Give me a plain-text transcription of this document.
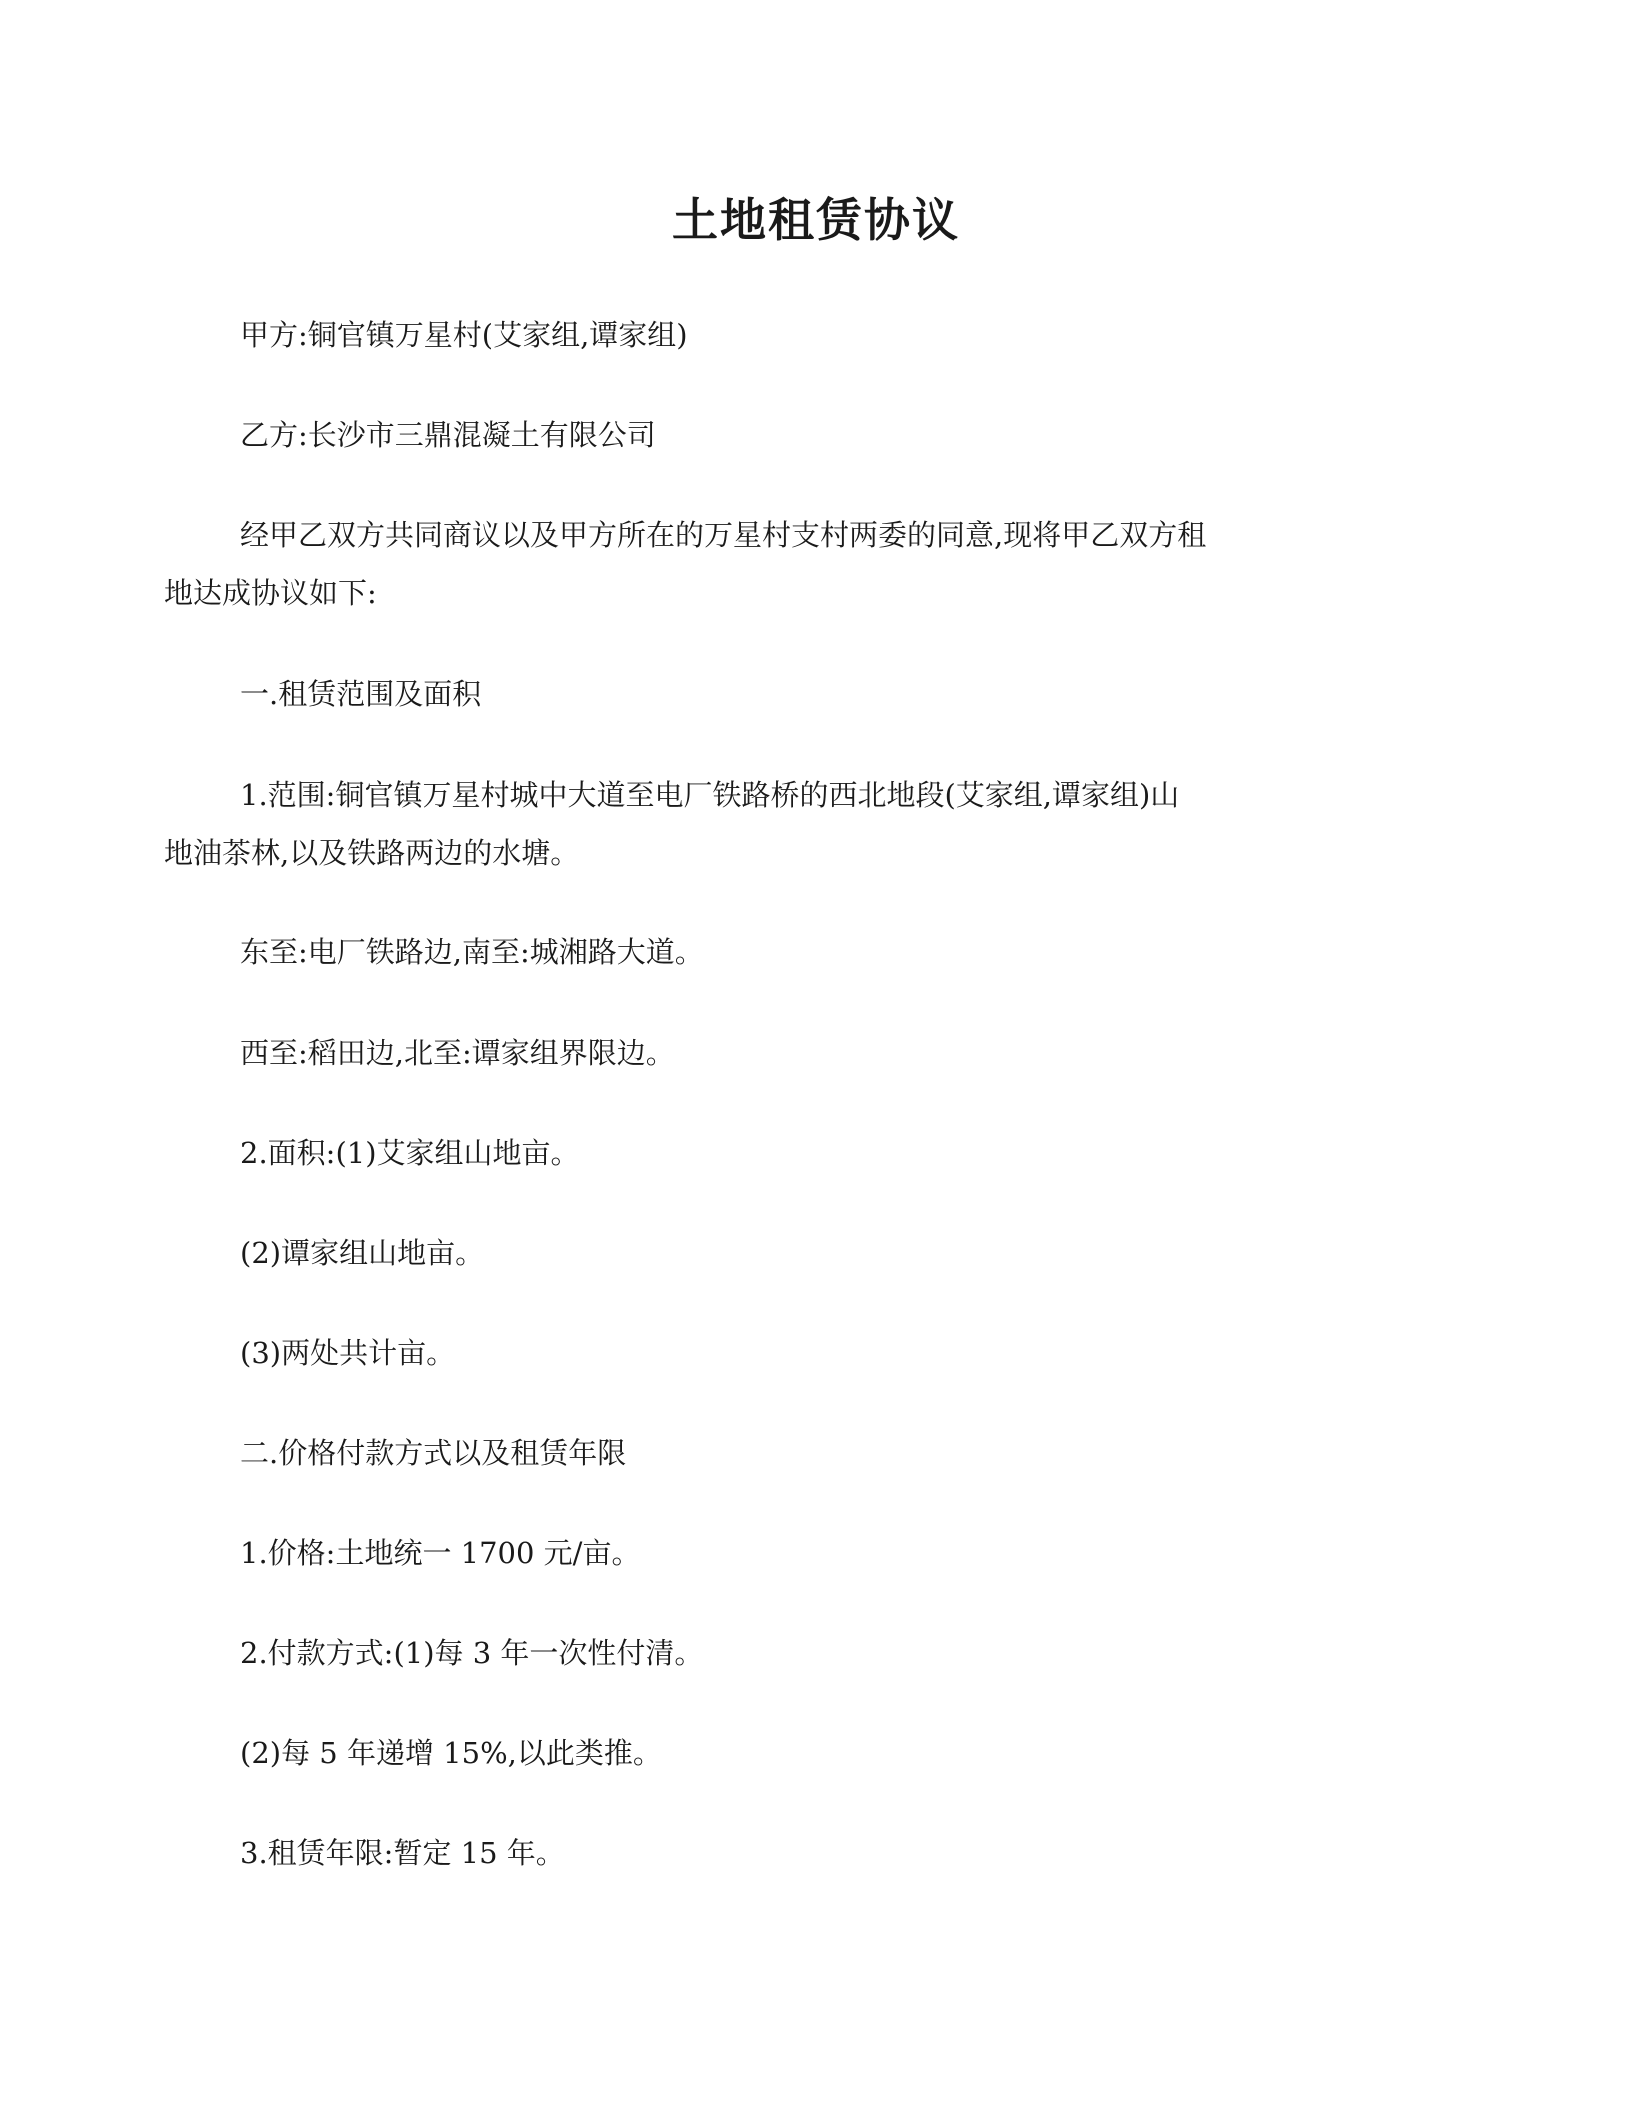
土地租赁协议

甲方:铜官镇万星村(艾家组,谭家组)

乙方:长沙市三鼎混凝土有限公司

经甲乙双方共同商议以及甲方所在的万星村支村两委的同意,现将甲乙双方租
地达成协议如下:

一.租赁范围及面积

1.范围:铜官镇万星村城中大道至电厂铁路桥的西北地段(艾家组,谭家组)山
地油茶林,以及铁路两边的水塘。

东至:电厂铁路边,南至:城湘路大道。

西至:稻田边,北至:谭家组界限边。

2.面积:(1)艾家组山地亩。

(2)谭家组山地亩。

(3)两处共计亩。

二.价格付款方式以及租赁年限

1.价格:土地统一 1700 元/亩。

2.付款方式:(1)每 3 年一次性付清。

(2)每 5 年递增 15%,以此类推。

3.租赁年限:暂定 15 年。
